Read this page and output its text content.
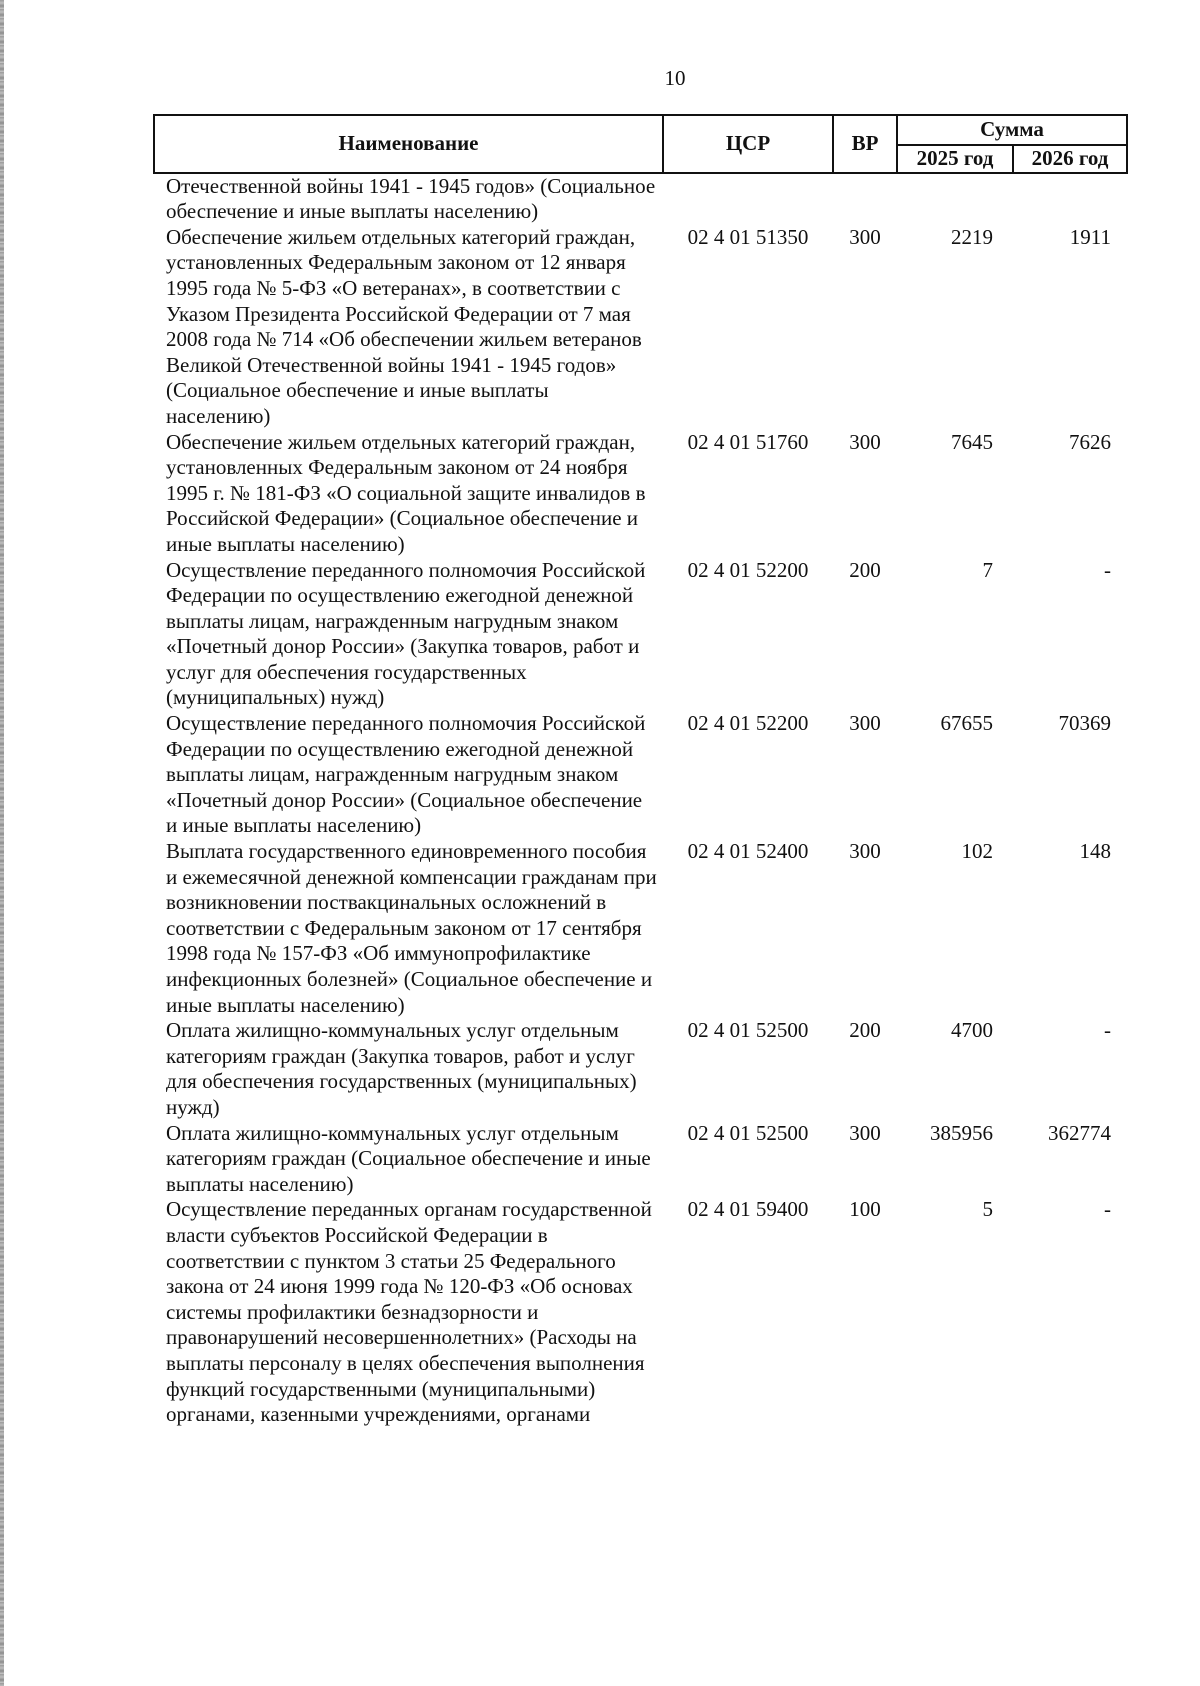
10
Наименование	ЦСР	ВР	Сумма	
			2025 год	2026 год
Отечественной войны 1941 - 1945 годов» (Социальное обеспечение и иные выплаты населению)				
Обеспечение жильем отдельных категорий граждан, установленных Федеральным законом от 12 января 1995 года № 5-ФЗ «О ветеранах», в соответствии с Указом Президента Российской Федерации от 7 мая 2008 года № 714 «Об обеспечении жильем ветеранов Великой Отечественной войны 1941 - 1945 годов» (Социальное обеспечение и иные выплаты населению)	02 4 01 51350	300	2219	1911
Обеспечение жильем отдельных категорий граждан, установленных Федеральным законом от 24 ноября 1995 г. № 181-ФЗ «О социальной защите инвалидов в Российской Федерации» (Социальное обеспечение и иные выплаты населению)	02 4 01 51760	300	7645	7626
Осуществление переданного полномочия Российской Федерации по осуществлению ежегодной денежной выплаты лицам, награжденным нагрудным знаком «Почетный донор России» (Закупка товаров, работ и услуг для обеспечения государственных (муниципальных) нужд)	02 4 01 52200	200	7	-
Осуществление переданного полномочия Российской Федерации по осуществлению ежегодной денежной выплаты лицам, награжденным нагрудным знаком «Почетный донор России» (Социальное обеспечение и иные выплаты населению)	02 4 01 52200	300	67655	70369
Выплата государственного единовременного пособия и ежемесячной денежной компенсации гражданам при возникновении поствакцинальных осложнений в соответствии с Федеральным законом от 17 сентября 1998 года № 157-ФЗ «Об иммунопрофилактике инфекционных болезней» (Социальное обеспечение и иные выплаты населению)	02 4 01 52400	300	102	148
Оплата жилищно-коммунальных услуг отдельным категориям граждан (Закупка товаров, работ и услуг для обеспечения государственных (муниципальных) нужд)	02 4 01 52500	200	4700	-
Оплата жилищно-коммунальных услуг отдельным категориям граждан (Социальное обеспечение и иные выплаты населению)	02 4 01 52500	300	385956	362774
Осуществление переданных органам государственной власти субъектов Российской Федерации в соответствии с пунктом 3 статьи 25 Федерального закона от 24 июня 1999 года № 120-ФЗ «Об основах системы профилактики безнадзорности и правонарушений несовершеннолетних» (Расходы на выплаты персоналу в целях обеспечения выполнения функций государственными (муниципальными) органами, казенными учреждениями, органами	02 4 01 59400	100	5	-
